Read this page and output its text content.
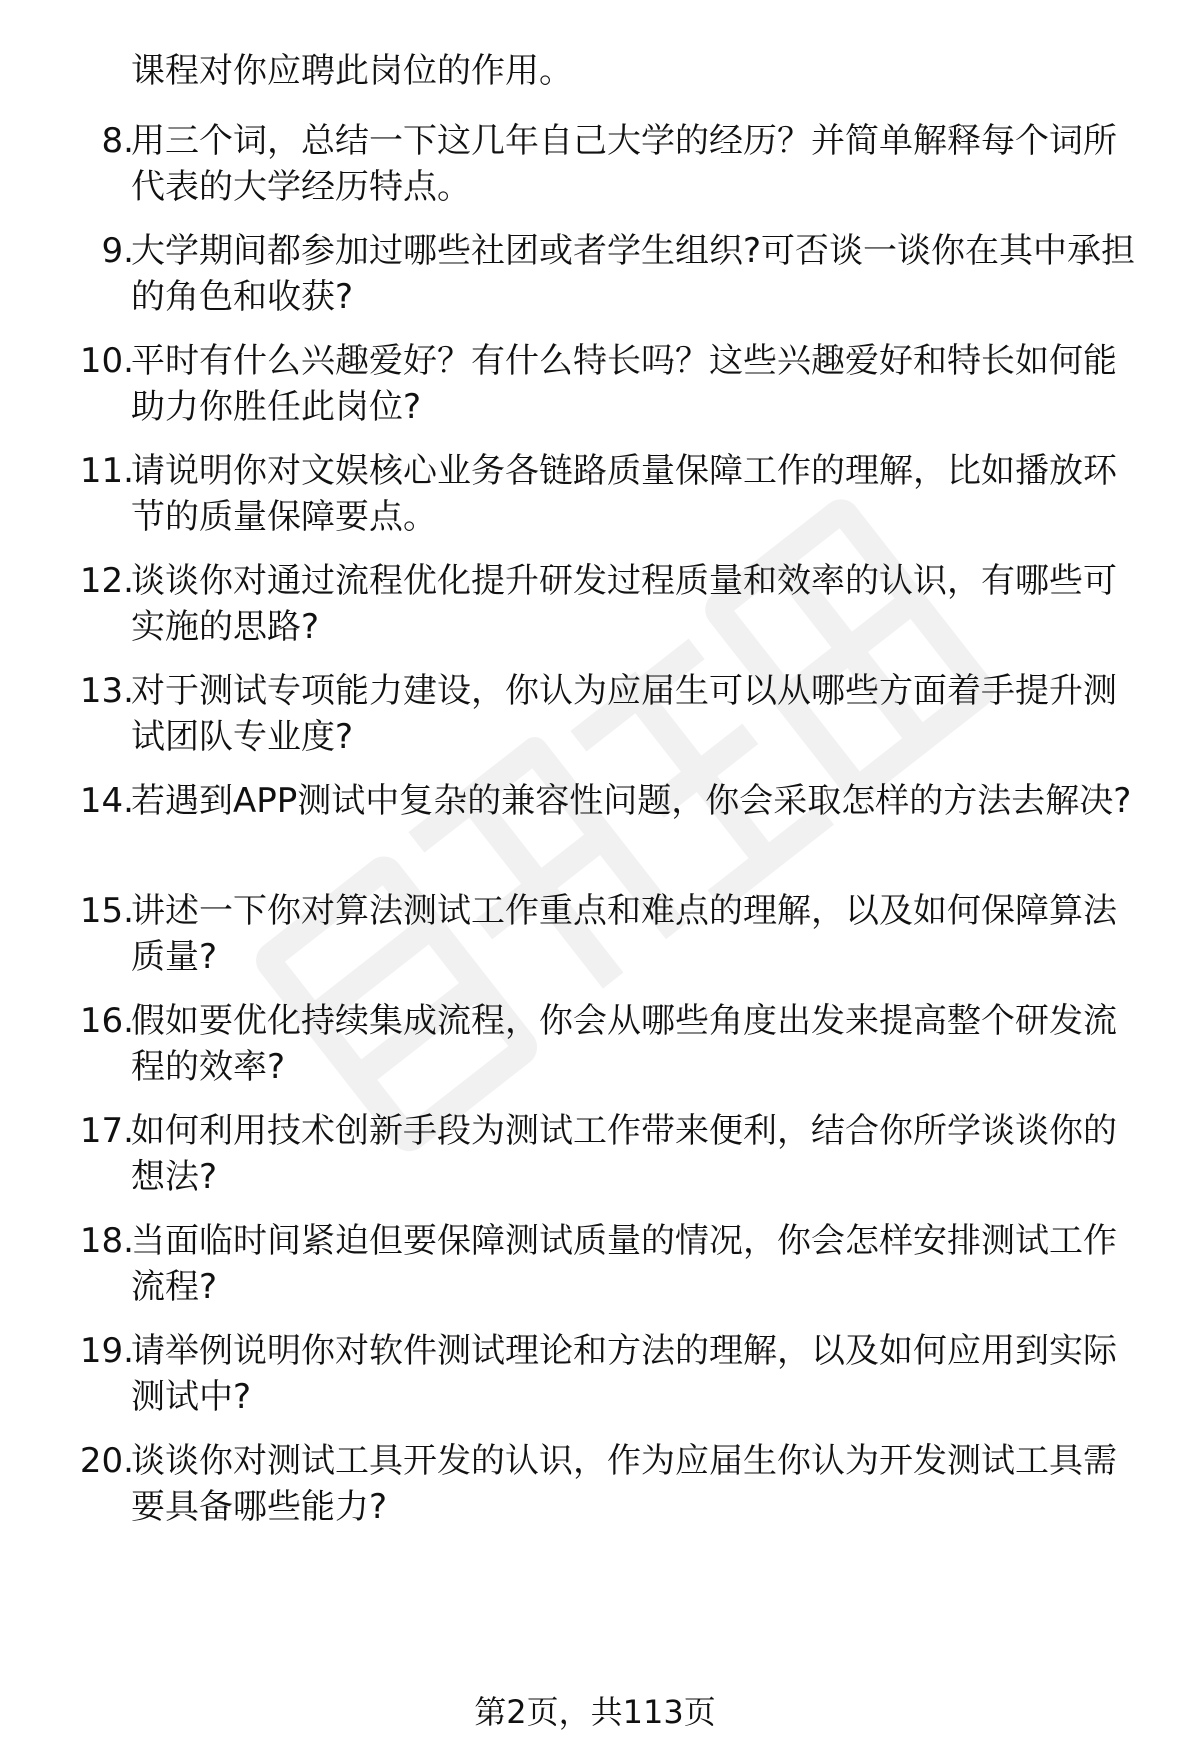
课程对你应聘此岗位的作用。

8.
用三个词，总结一下这几年自己大学的经历？并简单解释每个词所代表的大学经历特点。
9.
大学期间都参加过哪些社团或者学生组织?可否谈一谈你在其中承担的角色和收获?
10.
平时有什么兴趣爱好？有什么特长吗？这些兴趣爱好和特长如何能助力你胜任此岗位?
11.
请说明你对文娱核心业务各链路质量保障工作的理解，比如播放环节的质量保障要点。
12.
谈谈你对通过流程优化提升研发过程质量和效率的认识，有哪些可实施的思路?
13.
对于测试专项能力建设，你认为应届生可以从哪些方面着手提升测试团队专业度?
14.
若遇到APP测试中复杂的兼容性问题，你会采取怎样的方法去解决?
15.
讲述一下你对算法测试工作重点和难点的理解，以及如何保障算法质量?
16.
假如要优化持续集成流程，你会从哪些角度出发来提高整个研发流程的效率?
17.
如何利用技术创新手段为测试工作带来便利，结合你所学谈谈你的想法?
18.
当面临时间紧迫但要保障测试质量的情况，你会怎样安排测试工作流程?
19.
请举例说明你对软件测试理论和方法的理解，以及如何应用到实际测试中?
20.
谈谈你对测试工具开发的认识，作为应届生你认为开发测试工具需要具备哪些能力?
第2页，共113页
